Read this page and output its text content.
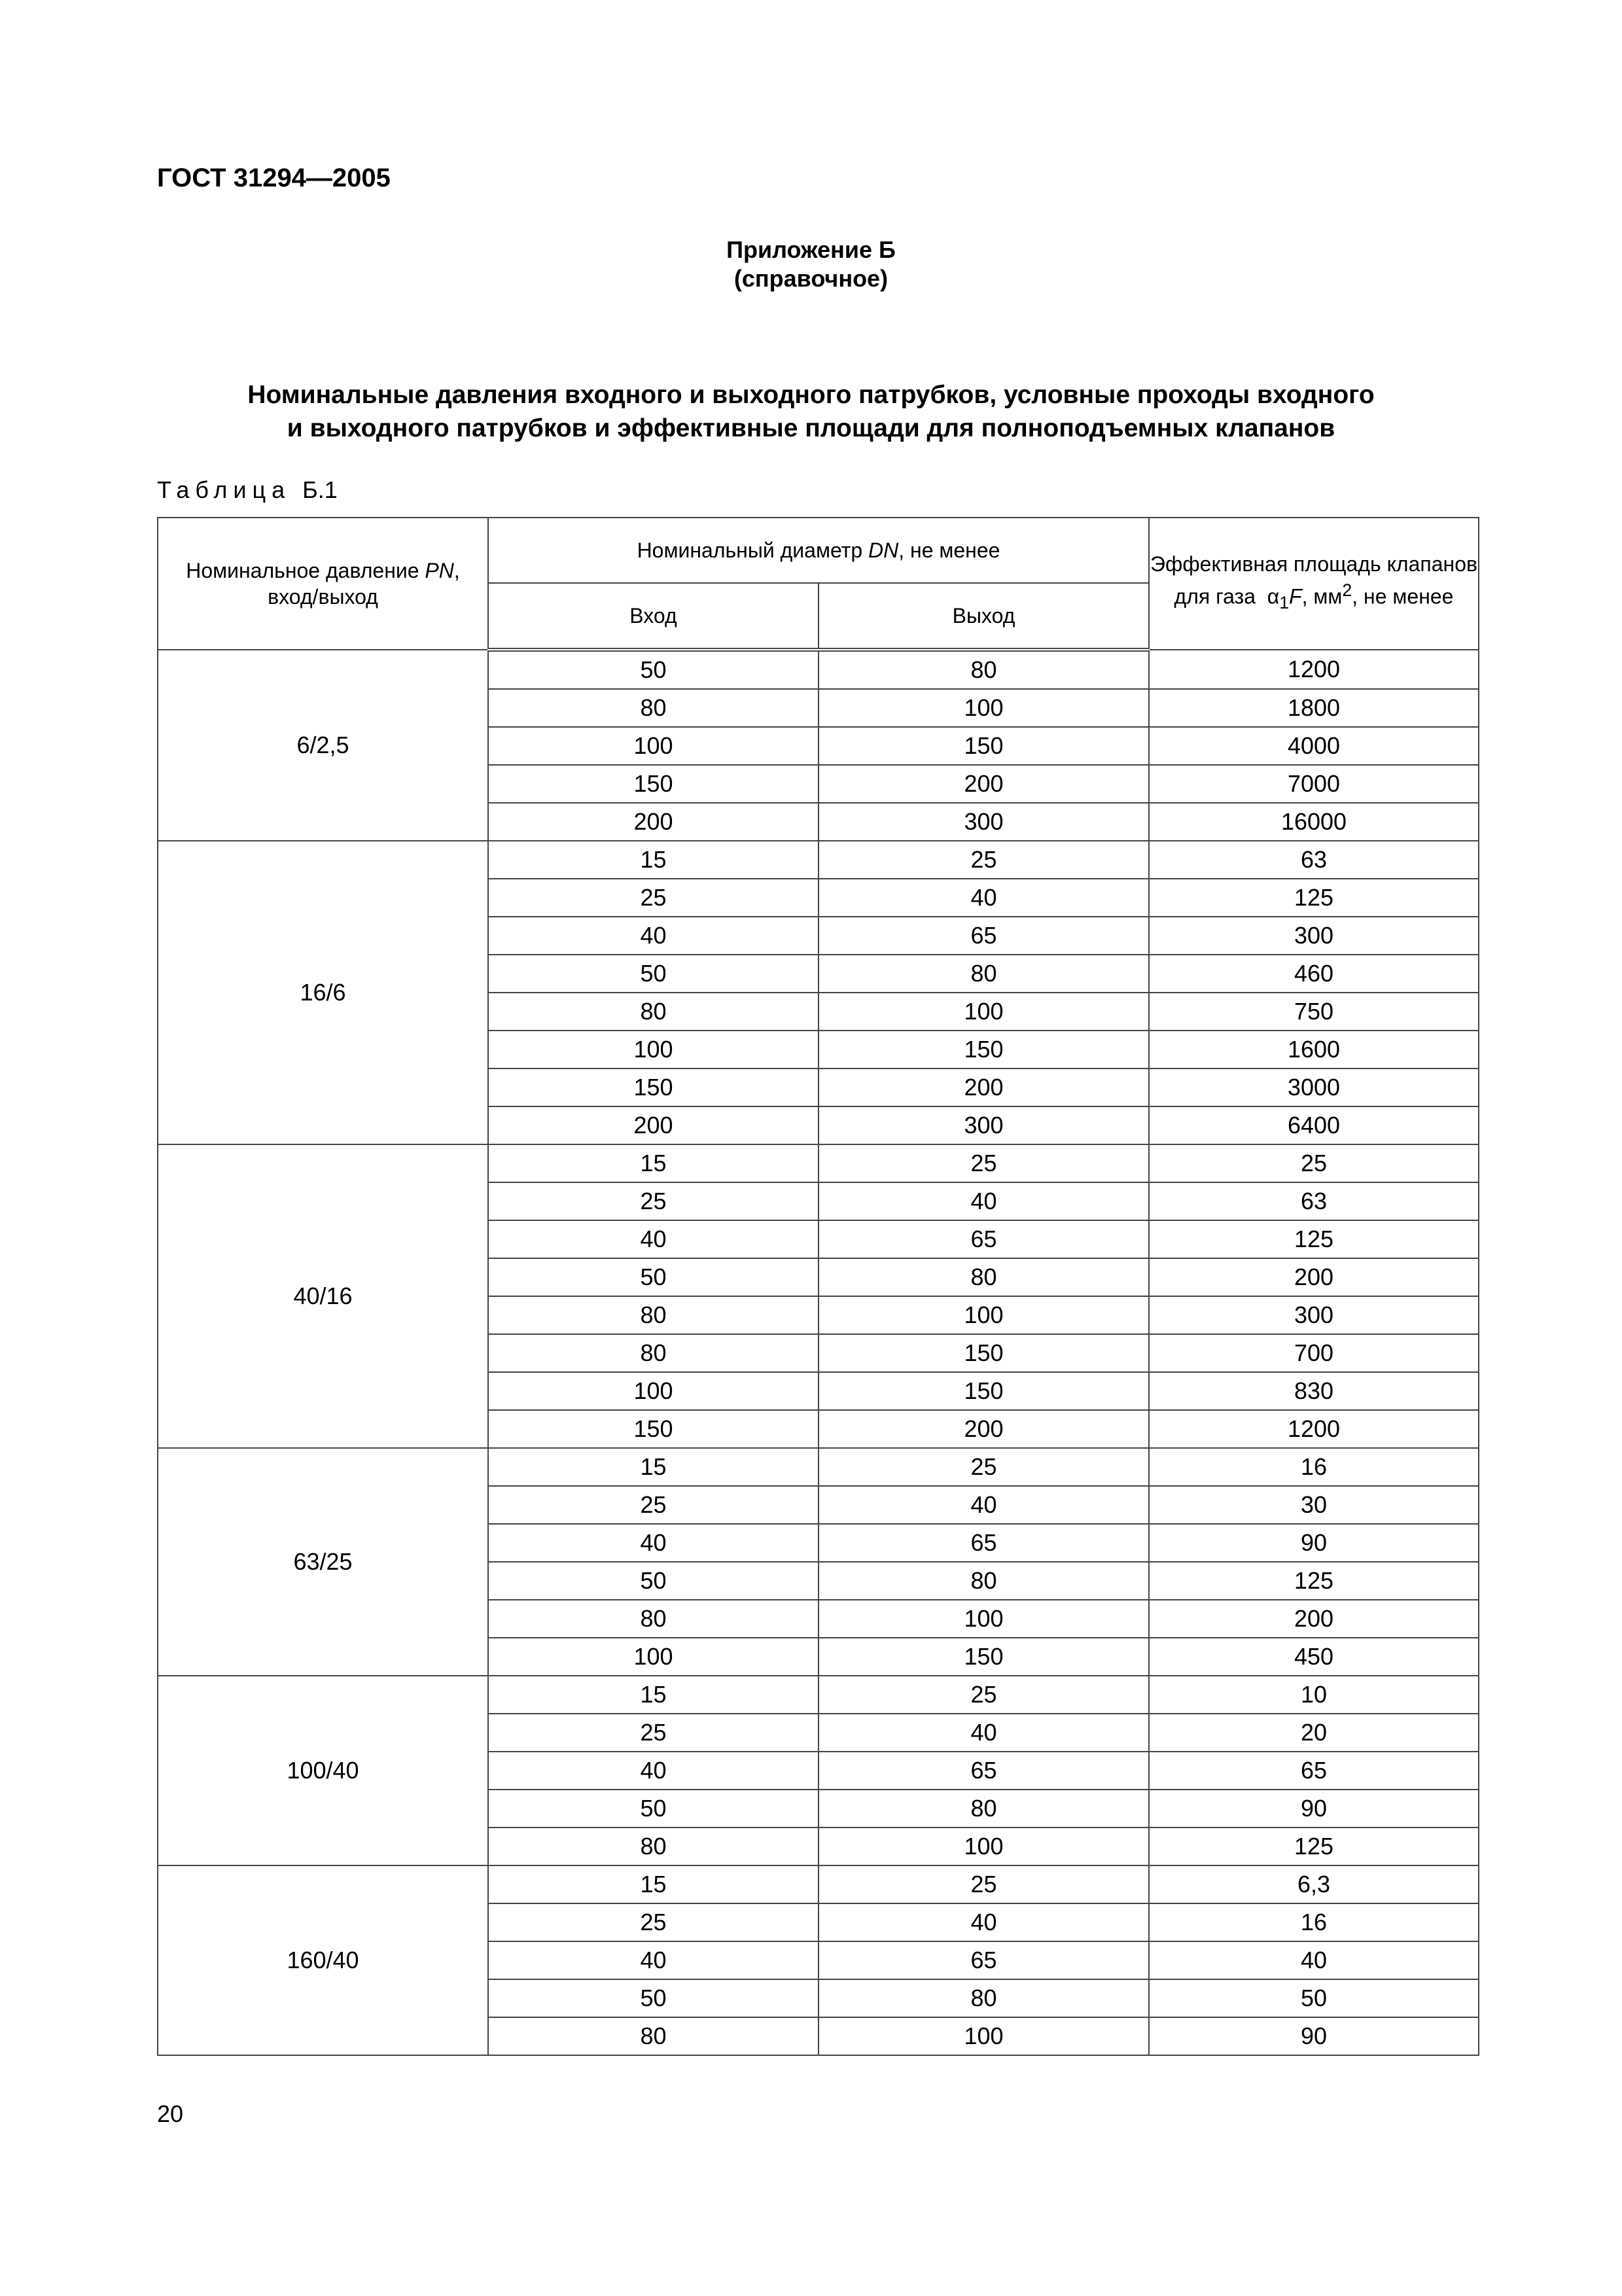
ГОСТ 31294—2005
Приложение Б
(справочное)
Номинальные давления входного и выходного патрубков, условные проходы входного
и выходного патрубков и эффективные площади для полноподъемных клапанов
Таблица Б.1
Номинальное давление PN, вход/выход	Номинальный диаметр DN, не менее		Эффективная площадь клапанов для газа $\alpha_1F$, $мм^2$, не менее
	Вход	Выход	
6/2,5	50	80	1200
	80	100	1800
	100	150	4000
	150	200	7000
	200	300	16000
16/6	15	25	63
	25	40	125
	40	65	300
	50	80	460
	80	100	750
	100	150	1600
	150	200	3000
	200	300	6400
40/16	15	25	25
	25	40	63
	40	65	125
	50	80	200
	80	100	300
	80	150	700
	100	150	830
	150	200	1200
63/25	15	25	16
	25	40	30
	40	65	90
	50	80	125
	80	100	200
	100	150	450
100/40	15	25	10
	25	40	20
	40	65	65
	50	80	90
	80	100	125
160/40	15	25	6,3
	25	40	16
	40	65	40
	50	80	50
	80	100	90
20
